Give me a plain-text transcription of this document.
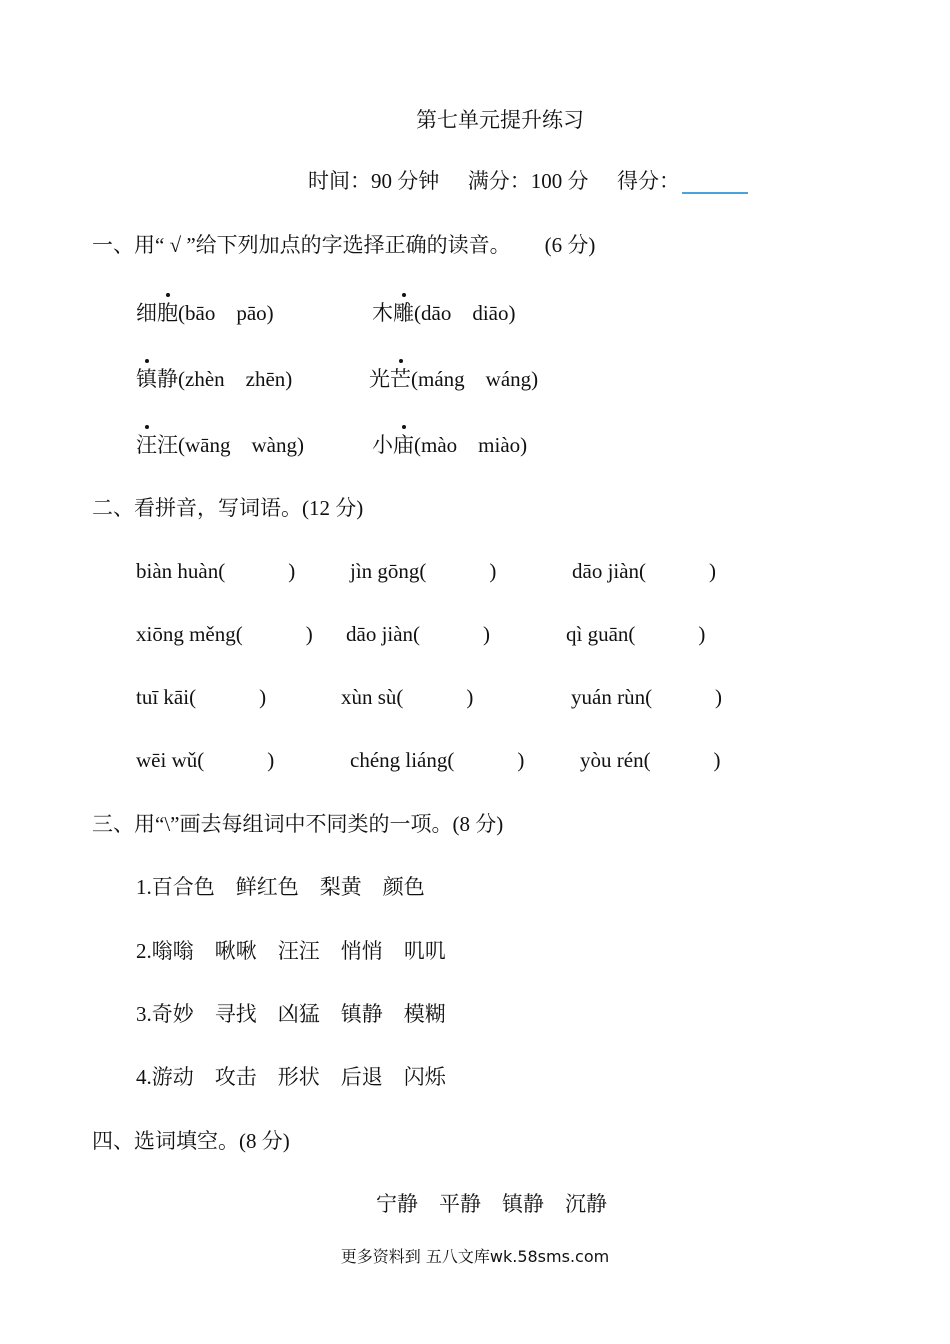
第七单元提升练习
时间：90 分钟 满分：100 分 得分：
一、用“ √ ”给下列加点的字选择正确的读音。 (6 分)
细胞(bāo　pāo)	木雕(dāo　diāo)
镇静(zhèn　zhēn)	光芒(máng　wáng)
汪汪(wāng　wàng)	小庙(mào　miào)
二、看拼音，写词语。(12 分)
biàn huàn(　　　)	jìn gōng(　　　)	dāo jiàn(　　　)
xiōng měng(　　　) dāo jiàn(　　　)	qì guān(　　　)
tuī kāi(　　　)	xùn sù(　　　)	yuán rùn(　　　)
wēi wǔ(　　　)	chéng liáng(　　　)	yòu rén(　　　)
三、用“\”画去每组词中不同类的一项。(8 分)
1.百合色　鲜红色　梨黄　颜色
2.嗡嗡　啾啾　汪汪　悄悄　叽叽
3.奇妙　寻找　凶猛　镇静　模糊
4.游动　攻击　形状　后退　闪烁
四、选词填空。(8 分)
宁静　平静　镇静　沉静
更多资料到 五八文库wk.58sms.com
